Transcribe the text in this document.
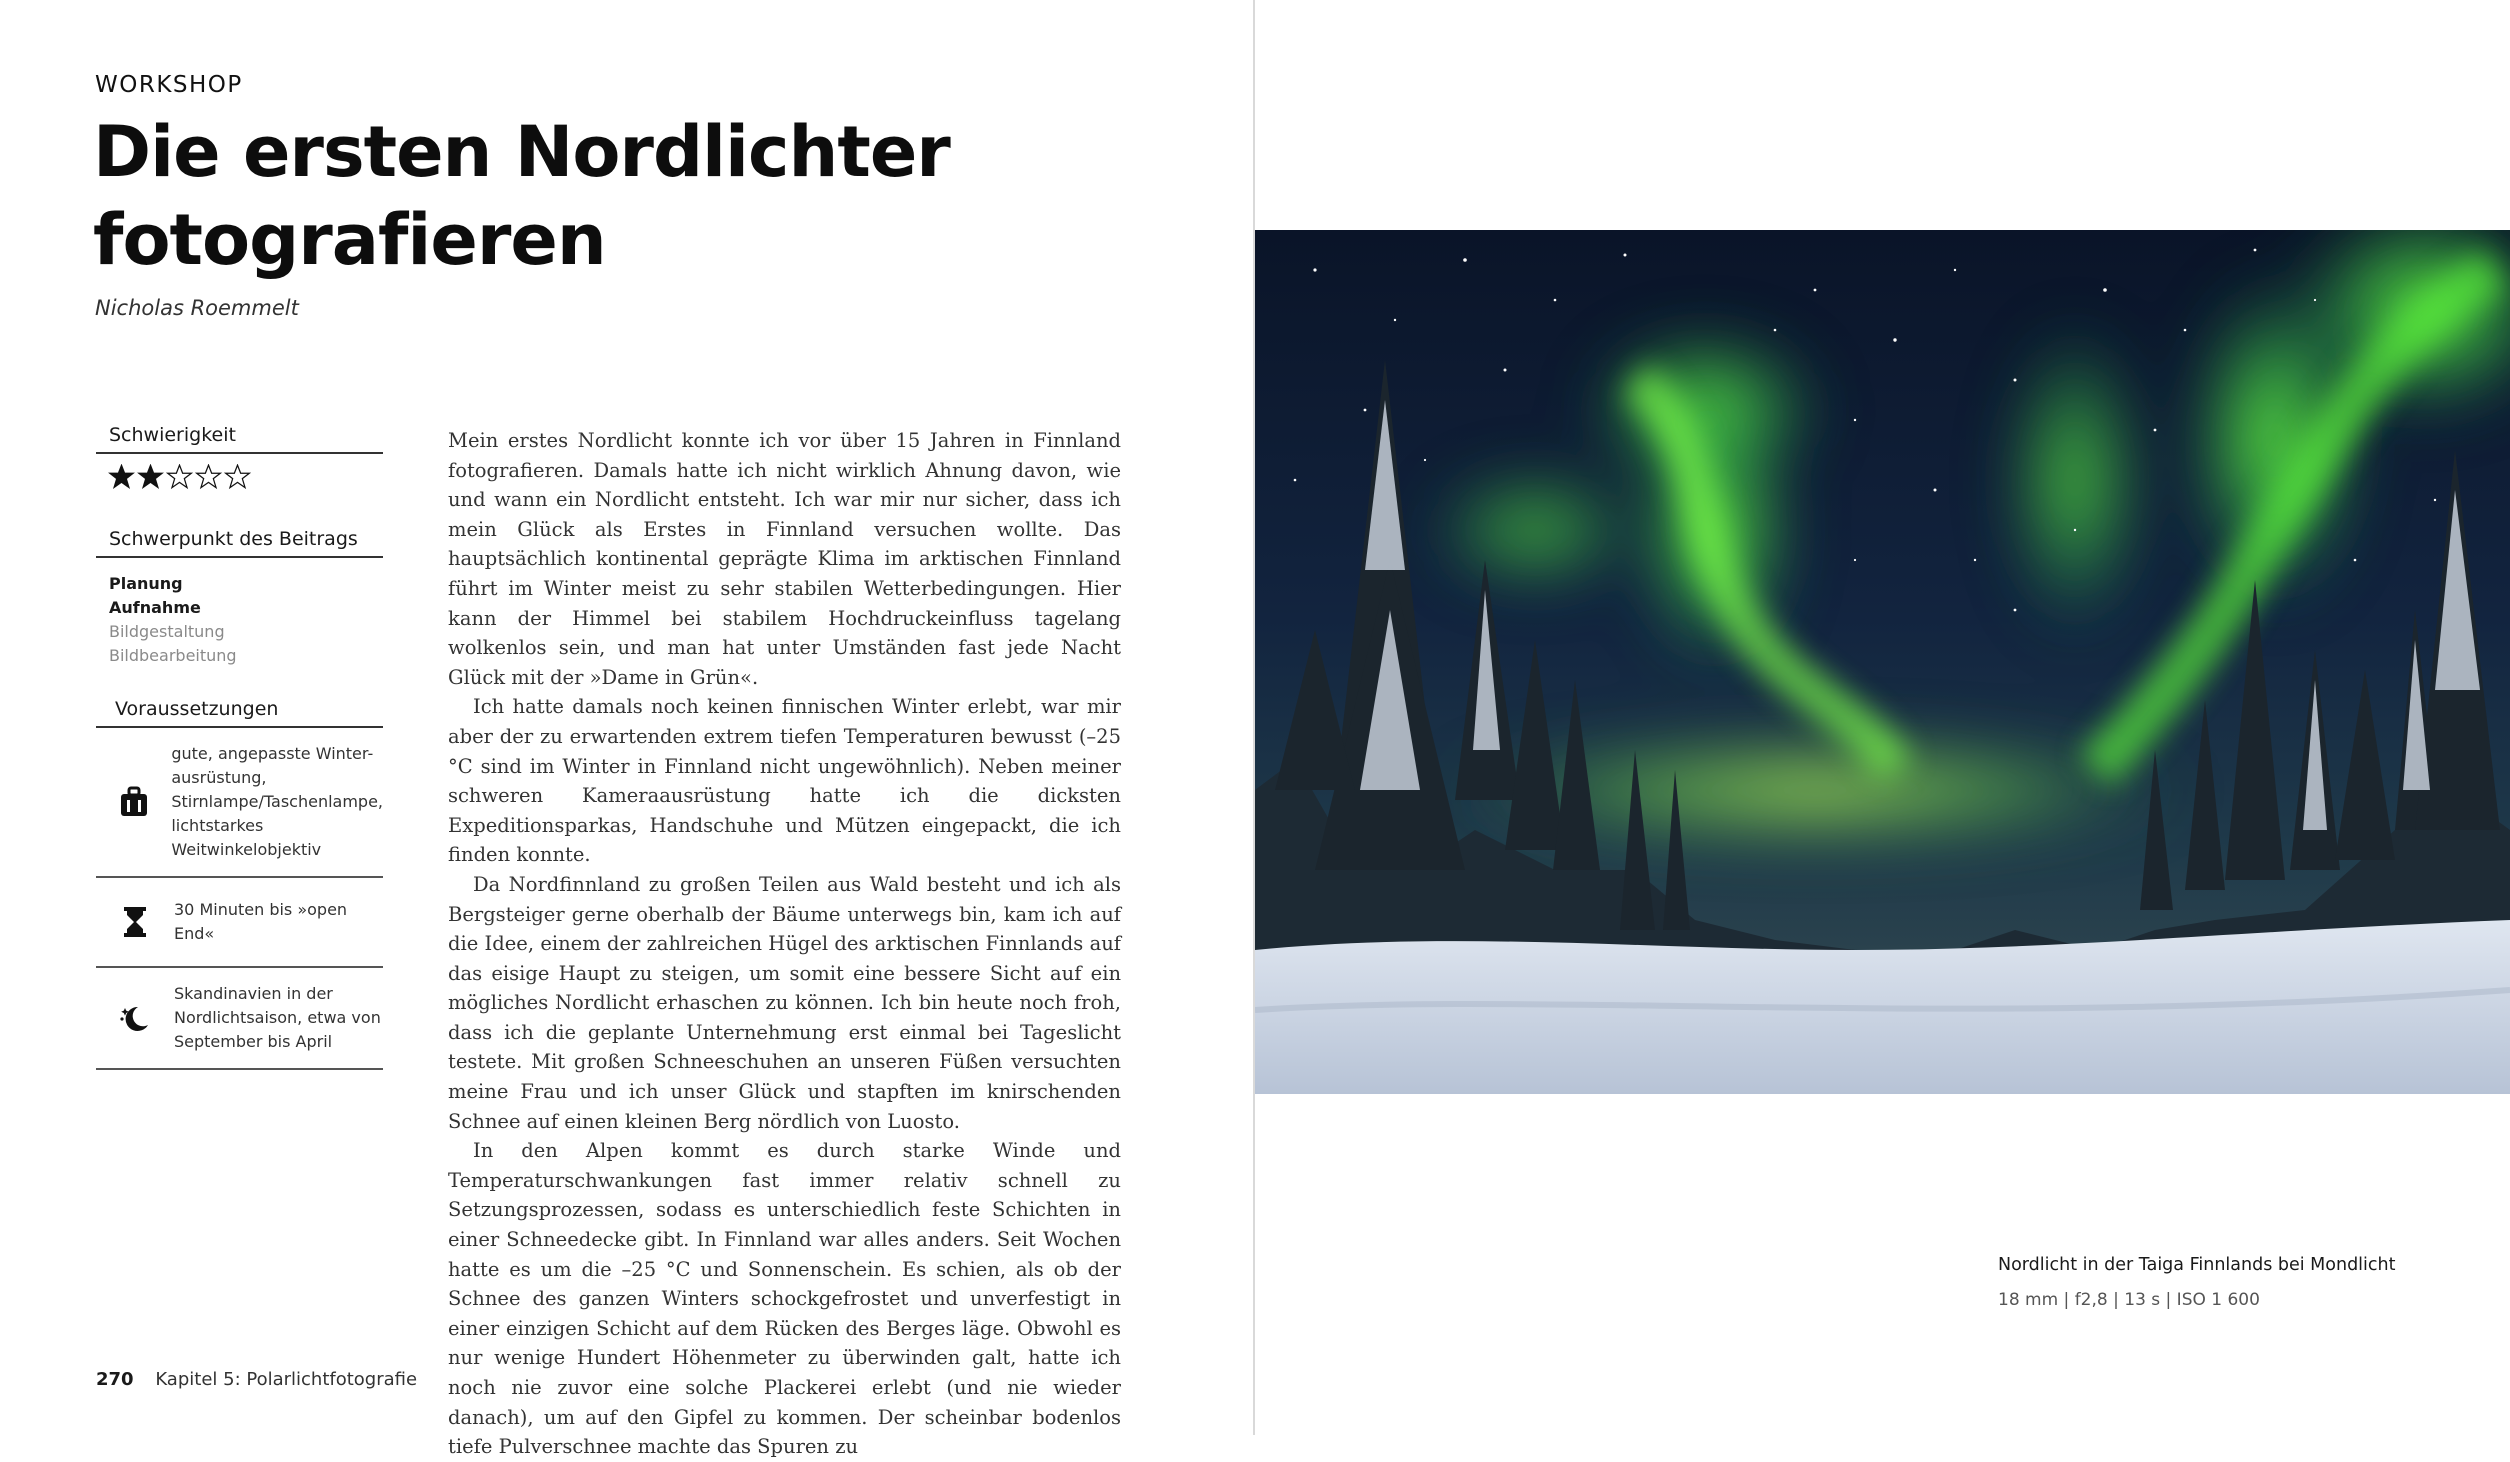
WORKSHOP
Die ersten Nordlichter
fotografieren
Nicholas Roemmelt
Schwierigkeit
Schwerpunkt des Beitrags
Planung
Aufnahme
Bildgestaltung
Bildbearbeitung
Voraussetzungen
gute, angepasste Winter-ausrüstung, Stirnlampe/Taschenlampe, lichtstarkes Weitwinkelobjektiv
30 Minuten bis »open End«
Skandinavien in der Nordlichtsaison, etwa von September bis April

Mein erstes Nordlicht konnte ich vor über 15 Jahren in Finnland fotografieren. Damals hatte ich nicht wirklich Ahnung davon, wie und wann ein Nordlicht entsteht. Ich war mir nur sicher, dass ich mein Glück als Erstes in Finnland versuchen wollte. Das hauptsächlich kontinental geprägte Klima im arktischen Finnland führt im Winter meist zu sehr stabilen Wetterbedingungen. Hier kann der Himmel bei stabilem Hochdruckeinfluss tagelang wolkenlos sein, und man hat unter Umständen fast jede Nacht Glück mit der »Dame in Grün«.

Ich hatte damals noch keinen finnischen Winter erlebt, war mir aber der zu erwartenden extrem tiefen Temperaturen bewusst (–25 °C sind im Winter in Finnland nicht ungewöhnlich). Neben meiner schweren Kameraausrüstung hatte ich die dicksten Expeditionsparkas, Handschuhe und Mützen eingepackt, die ich finden konnte.

Da Nordfinnland zu großen Teilen aus Wald besteht und ich als Bergsteiger gerne oberhalb der Bäume unterwegs bin, kam ich auf die Idee, einem der zahlreichen Hügel des arktischen Finnlands auf das eisige Haupt zu steigen, um somit eine bessere Sicht auf ein mögliches Nordlicht erhaschen zu können. Ich bin heute noch froh, dass ich die geplante Unternehmung erst einmal bei Tageslicht testete. Mit großen Schneeschuhen an unseren Füßen versuchten meine Frau und ich unser Glück und stapften im knirschenden Schnee auf einen kleinen Berg nördlich von Luosto.

In den Alpen kommt es durch starke Winde und Temperaturschwankungen fast immer relativ schnell zu Setzungsprozessen, sodass es unterschiedlich feste Schichten in einer Schneedecke gibt. In Finnland war alles anders. Seit Wochen hatte es um die –25 °C und Sonnenschein. Es schien, als ob der Schnee des ganzen Winters schockgefrostet und unverfestigt in einer einzigen Schicht auf dem Rücken des Berges läge. Obwohl es nur wenige Hundert Höhenmeter zu überwinden galt, hatte ich noch nie zuvor eine solche Plackerei erlebt (und nie wieder danach), um auf den Gipfel zu kommen. Der scheinbar bodenlos tiefe Pulverschnee machte das Spuren zu

Nordlicht in der Taiga Finnlands bei Mondlicht
18 mm | f2,8 | 13 s | ISO 1 600
270 Kapitel 5: Polarlichtfotografie
